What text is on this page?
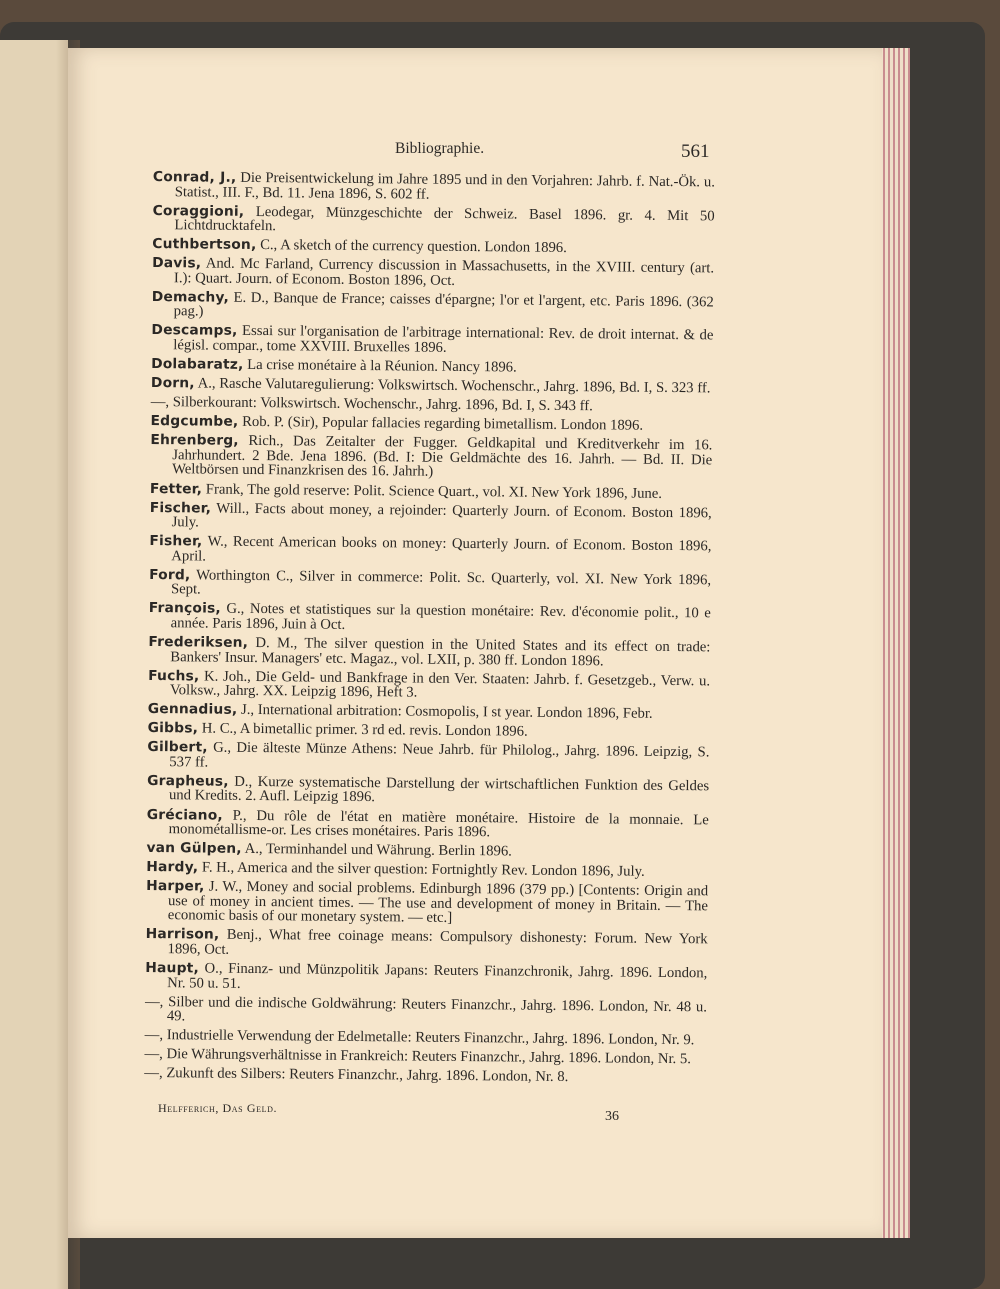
Bibliographie.	561
Conrad, J., Die Preisentwickelung im Jahre 1895 und in den Vorjahren: Jahrb. f. Nat.-Ök. u. Statist., III. F., Bd. 11. Jena 1896, S. 602 ff.
Coraggioni, Leodegar, Münzgeschichte der Schweiz. Basel 1896. gr. 4. Mit 50 Lichtdrucktafeln.
Cuthbertson, C., A sketch of the currency question. London 1896.
Davis, And. Mc Farland, Currency discussion in Massachusetts, in the XVIII. century (art. I.): Quart. Journ. of Econom. Boston 1896, Oct.
Demachy, E. D., Banque de France; caisses d'épargne; l'or et l'argent, etc. Paris 1896. (362 pag.)
Descamps, Essai sur l'organisation de l'arbitrage international: Rev. de droit internat. & de législ. compar., tome XXVIII. Bruxelles 1896.
Dolabaratz, La crise monétaire à la Réunion. Nancy 1896.
Dorn, A., Rasche Valutaregulierung: Volkswirtsch. Wochenschr., Jahrg. 1896, Bd. I, S. 323 ff.
—, Silberkourant: Volkswirtsch. Wochenschr., Jahrg. 1896, Bd. I, S. 343 ff.
Edgcumbe, Rob. P. (Sir), Popular fallacies regarding bimetallism. London 1896.
Ehrenberg, Rich., Das Zeitalter der Fugger. Geldkapital und Kreditverkehr im 16. Jahrhundert. 2 Bde. Jena 1896. (Bd. I: Die Geldmächte des 16. Jahrh. — Bd. II. Die Weltbörsen und Finanzkrisen des 16. Jahrh.)
Fetter, Frank, The gold reserve: Polit. Science Quart., vol. XI. New York 1896, June.
Fischer, Will., Facts about money, a rejoinder: Quarterly Journ. of Econom. Boston 1896, July.
Fisher, W., Recent American books on money: Quarterly Journ. of Econom. Boston 1896, April.
Ford, Worthington C., Silver in commerce: Polit. Sc. Quarterly, vol. XI. New York 1896, Sept.
François, G., Notes et statistiques sur la question monétaire: Rev. d'économie polit., 10 e année. Paris 1896, Juin à Oct.
Frederiksen, D. M., The silver question in the United States and its effect on trade: Bankers' Insur. Managers' etc. Magaz., vol. LXII, p. 380 ff. London 1896.
Fuchs, K. Joh., Die Geld- und Bankfrage in den Ver. Staaten: Jahrb. f. Gesetzgeb., Verw. u. Volksw., Jahrg. XX. Leipzig 1896, Heft 3.
Gennadius, J., International arbitration: Cosmopolis, I st year. London 1896, Febr.
Gibbs, H. C., A bimetallic primer. 3 rd ed. revis. London 1896.
Gilbert, G., Die älteste Münze Athens: Neue Jahrb. für Philolog., Jahrg. 1896. Leipzig, S. 537 ff.
Grapheus, D., Kurze systematische Darstellung der wirtschaftlichen Funktion des Geldes und Kredits. 2. Aufl. Leipzig 1896.
Gréciano, P., Du rôle de l'état en matière monétaire. Histoire de la monnaie. Le monométallisme-or. Les crises monétaires. Paris 1896.
van Gülpen, A., Terminhandel und Währung. Berlin 1896.
Hardy, F. H., America and the silver question: Fortnightly Rev. London 1896, July.
Harper, J. W., Money and social problems. Edinburgh 1896 (379 pp.) [Contents: Origin and use of money in ancient times. — The use and development of money in Britain. — The economic basis of our monetary system. — etc.]
Harrison, Benj., What free coinage means: Compulsory dishonesty: Forum. New York 1896, Oct.
Haupt, O., Finanz- und Münzpolitik Japans: Reuters Finanzchronik, Jahrg. 1896. London, Nr. 50 u. 51.
—, Silber und die indische Goldwährung: Reuters Finanzchr., Jahrg. 1896. London, Nr. 48 u. 49.
—, Industrielle Verwendung der Edelmetalle: Reuters Finanzchr., Jahrg. 1896. London, Nr. 9.
—, Die Währungsverhältnisse in Frankreich: Reuters Finanzchr., Jahrg. 1896. London, Nr. 5.
—, Zukunft des Silbers: Reuters Finanzchr., Jahrg. 1896. London, Nr. 8.
Helfferich, Das Geld.
36
